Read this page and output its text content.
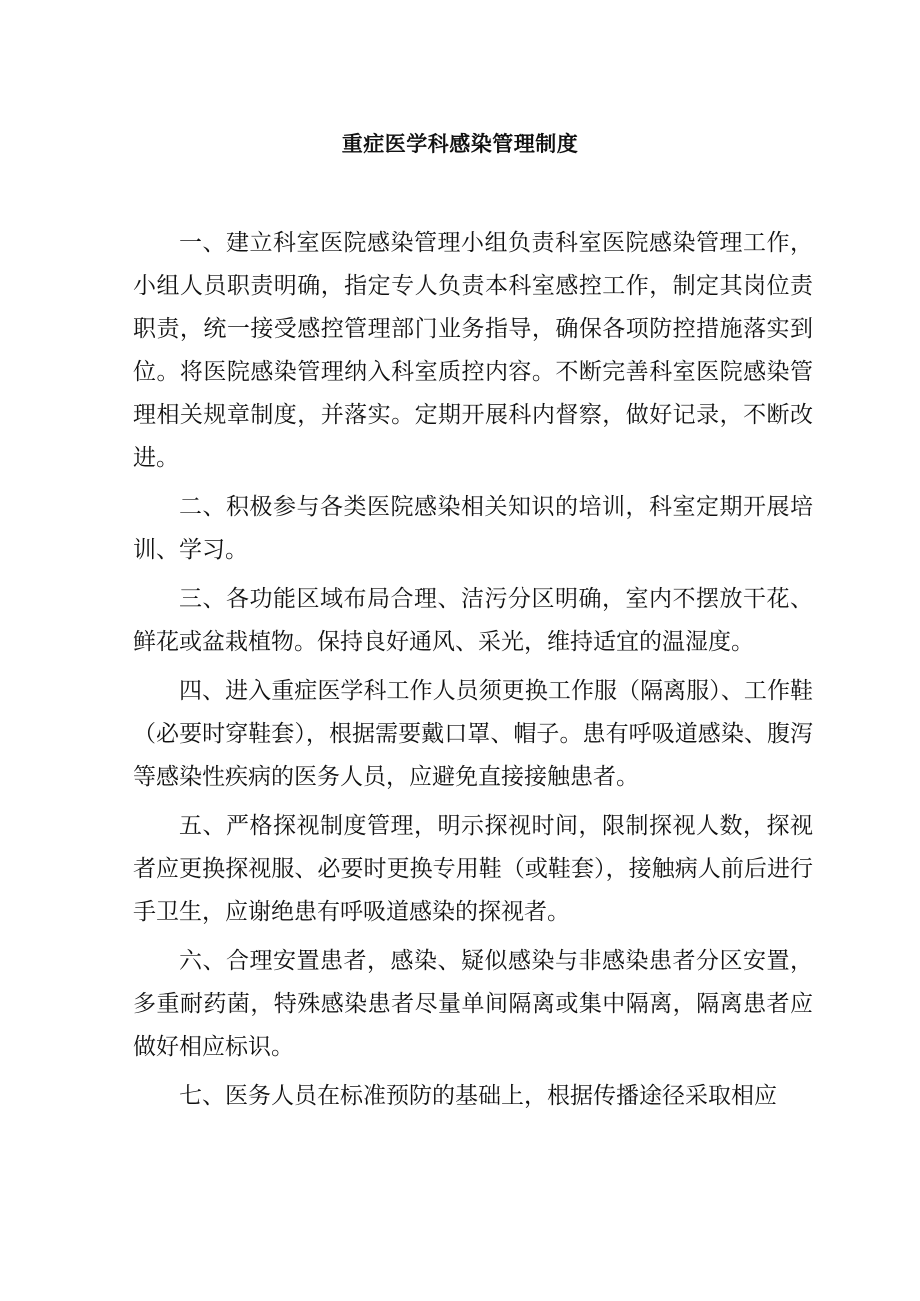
重症医学科感染管理制度

一、建立科室医院感染管理小组负责科室医院感染管理工作，小组人员职责明确，指定专人负责本科室感控工作，制定其岗位责职责，统一接受感控管理部门业务指导，确保各项防控措施落实到位。将医院感染管理纳入科室质控内容。不断完善科室医院感染管理相关规章制度，并落实。定期开展科内督察，做好记录，不断改进。

二、积极参与各类医院感染相关知识的培训，科室定期开展培训、学习。

三、各功能区域布局合理、洁污分区明确，室内不摆放干花、鲜花或盆栽植物。保持良好通风、采光，维持适宜的温湿度。

四、进入重症医学科工作人员须更换工作服（隔离服）、工作鞋（必要时穿鞋套），根据需要戴口罩、帽子。患有呼吸道感染、腹泻等感染性疾病的医务人员，应避免直接接触患者。

五、严格探视制度管理，明示探视时间，限制探视人数，探视者应更换探视服、必要时更换专用鞋（或鞋套），接触病人前后进行手卫生，应谢绝患有呼吸道感染的探视者。

六、合理安置患者，感染、疑似感染与非感染患者分区安置，多重耐药菌，特殊感染患者尽量单间隔离或集中隔离，隔离患者应做好相应标识。

七、医务人员在标准预防的基础上，根据传播途径采取相应
